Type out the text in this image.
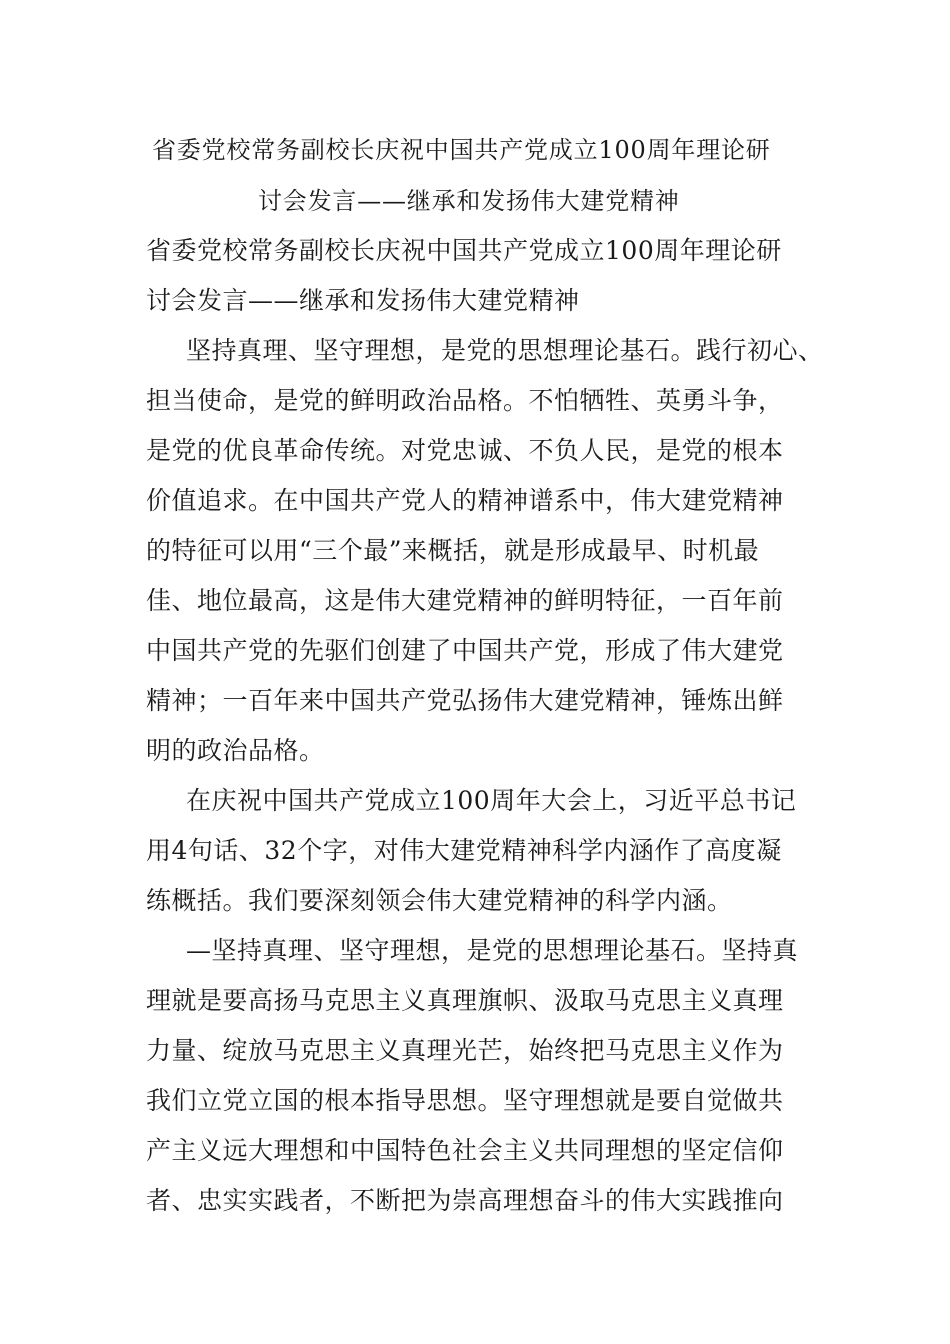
省委党校常务副校长庆祝中国共产党成立100周年理论研

讨会发言——继承和发扬伟大建党精神

省委党校常务副校长庆祝中国共产党成立100周年理论研

讨会发言——继承和发扬伟大建党精神

坚持真理、坚守理想，是党的思想理论基石。践行初心、

担当使命，是党的鲜明政治品格。不怕牺牲、英勇斗争，

是党的优良革命传统。对党忠诚、不负人民，是党的根本

价值追求。在中国共产党人的精神谱系中，伟大建党精神

的特征可以用“三个最”来概括，就是形成最早、时机最

佳、地位最高，这是伟大建党精神的鲜明特征，一百年前

中国共产党的先驱们创建了中国共产党，形成了伟大建党

精神；一百年来中国共产党弘扬伟大建党精神，锤炼出鲜

明的政治品格。

在庆祝中国共产党成立100周年大会上，习近平总书记

用4句话、32个字，对伟大建党精神科学内涵作了高度凝

练概括。我们要深刻领会伟大建党精神的科学内涵。

—坚持真理、坚守理想，是党的思想理论基石。坚持真

理就是要高扬马克思主义真理旗帜、汲取马克思主义真理

力量、绽放马克思主义真理光芒，始终把马克思主义作为

我们立党立国的根本指导思想。坚守理想就是要自觉做共

产主义远大理想和中国特色社会主义共同理想的坚定信仰

者、忠实实践者，不断把为崇高理想奋斗的伟大实践推向
